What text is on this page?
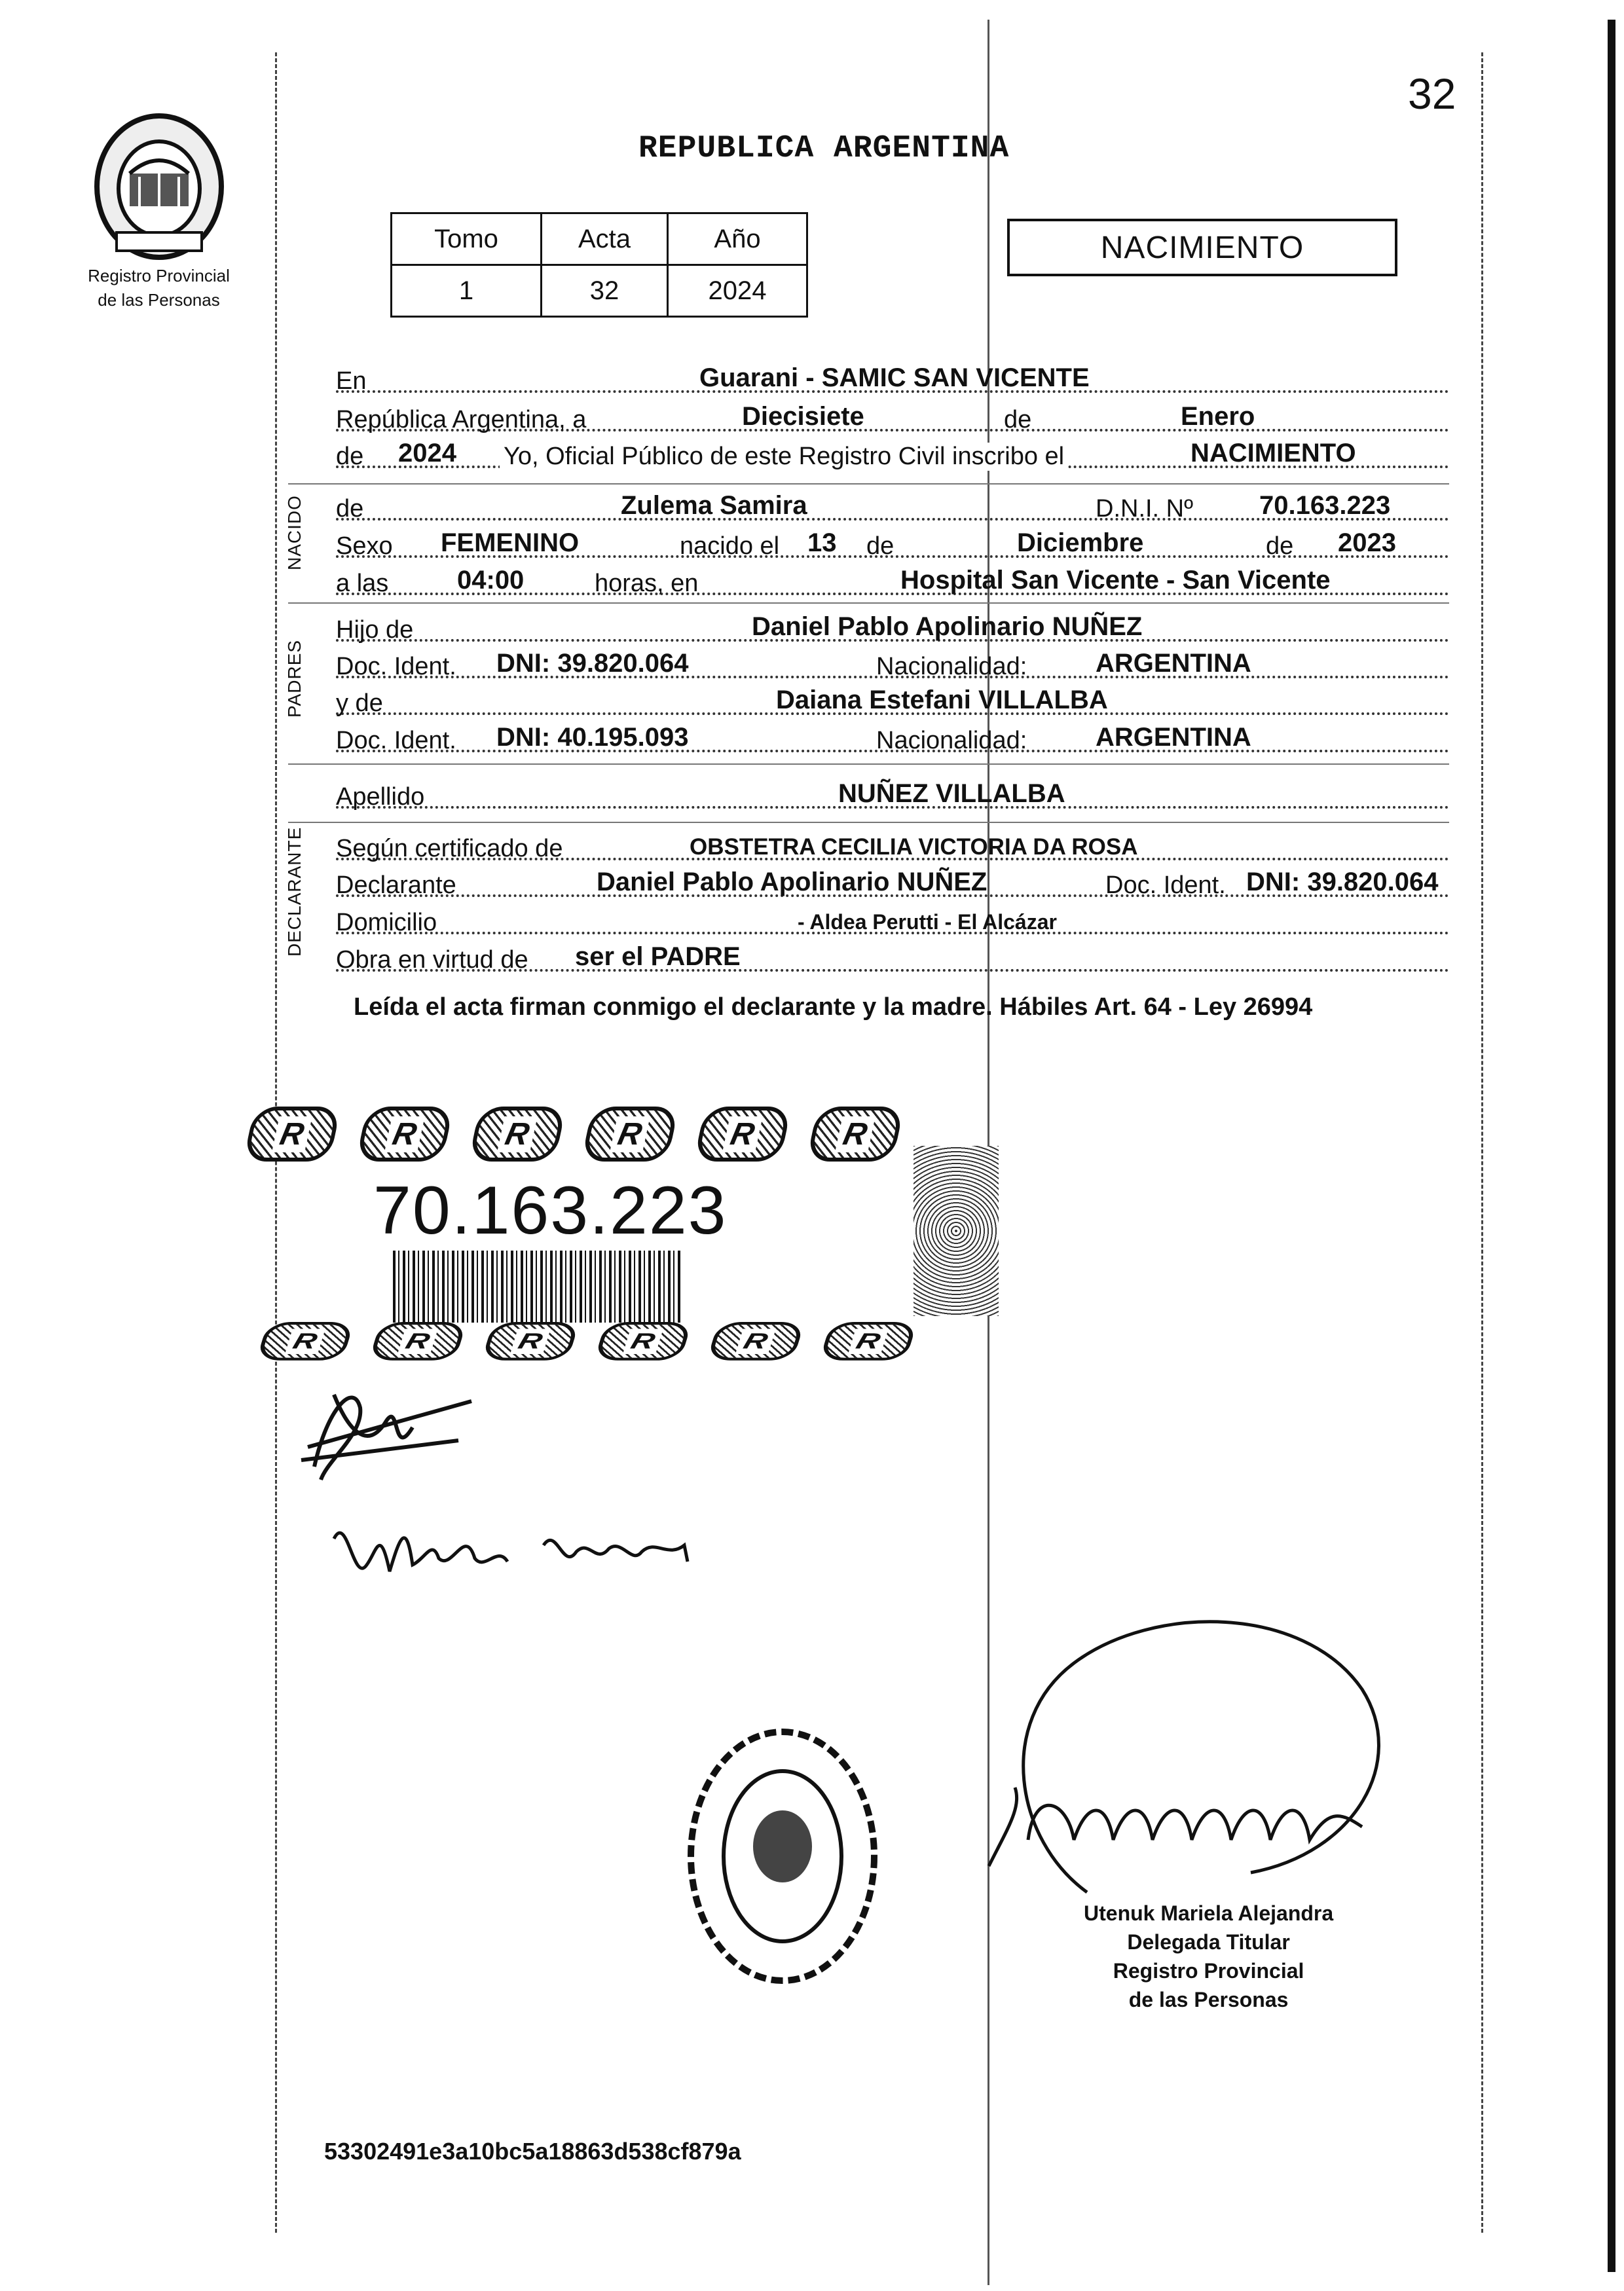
32
Registro Provincial
de las Personas
REPUBLICA ARGENTINA
Tomo	Acta	Año
1	32	2024
NACIMIENTO
NACIDO
PADRES
DECLARANTE
En	Guarani - SAMIC SAN VICENTE
República Argentina, a	Diecisiete	de	Enero
de 2024 Yo, Oficial Público de este Registro Civil inscribo el	NACIMIENTO
de	Zulema Samira	D.N.I. Nº	70.163.223
Sexo FEMENINO	nacido el 13 de	Diciembre	de 2023
a las	04:00	horas, en	Hospital San Vicente - San Vicente
Hijo de	Daniel Pablo Apolinario NUÑEZ
Doc. Ident. DNI: 39.820.064	Nacionalidad:	ARGENTINA
y de	Daiana Estefani VILLALBA
Doc. Ident. DNI: 40.195.093	Nacionalidad:	ARGENTINA
Apellido	NUÑEZ VILLALBA
Según certificado de	OBSTETRA CECILIA VICTORIA DA ROSA
Declarante	Daniel Pablo Apolinario NUÑEZ	Doc. Ident. DNI: 39.820.064
Domicilio	- Aldea Perutti - El Alcázar
Obra en virtud de ser el PADRE
Leída el acta firman conmigo el declarante y la madre. Hábiles Art. 64 - Ley 26994
R	R	R	R	R	R
70.163.223
R	R	R	R	R	R
Utenuk Mariela Alejandra
Delegada Titular
Registro Provincial
de las Personas
53302491e3a10bc5a18863d538cf879a
